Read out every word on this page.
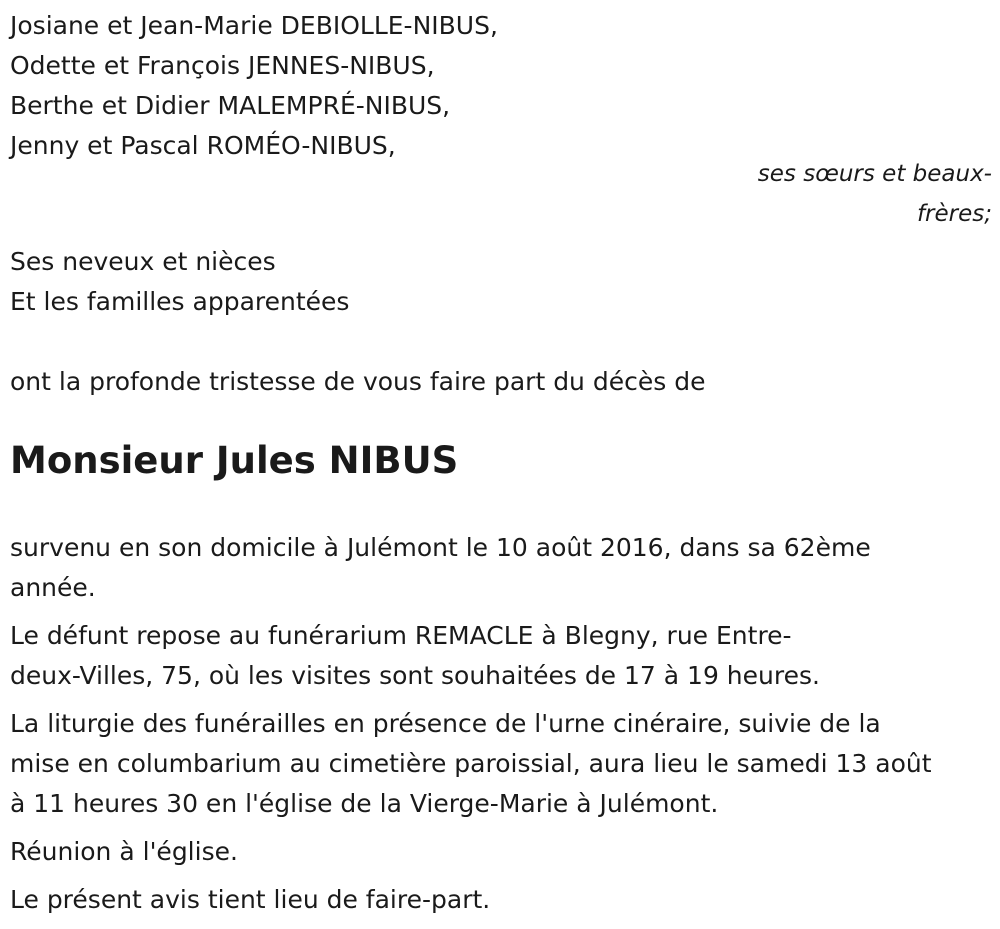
Josiane et Jean-Marie DEBIOLLE-NIBUS,
Odette et François JENNES-NIBUS,
Berthe et Didier MALEMPRÉ-NIBUS,
Jenny et Pascal ROMÉO-NIBUS,
ses sœurs et beaux-
frères;
Ses neveux et nièces
Et les familles apparentées
ont la profonde tristesse de vous faire part du décès de
Monsieur Jules NIBUS

survenu en son domicile à Julémont le 10 août 2016, dans sa 62ème
année.

Le défunt repose au funérarium REMACLE à Blegny, rue Entre-
deux-Villes, 75, où les visites sont souhaitées de 17 à 19 heures.

La liturgie des funérailles en présence de l'urne cinéraire, suivie de la
mise en columbarium au cimetière paroissial, aura lieu le samedi 13 août
à 11 heures 30 en l'église de la Vierge-Marie à Julémont.

Réunion à l'église.

Le présent avis tient lieu de faire-part.
